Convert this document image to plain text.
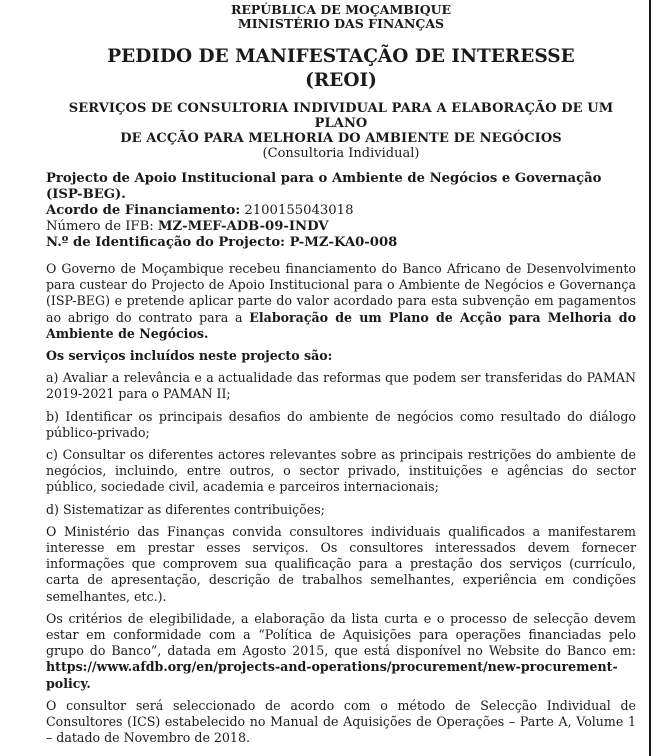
REPÚBLICA DE MOÇAMBIQUE
MINISTÉRIO DAS FINANÇAS
PEDIDO DE MANIFESTAÇÃO DE INTERESSE
(REOI)
SERVIÇOS DE CONSULTORIA INDIVIDUAL PARA A ELABORAÇÃO DE UM PLANO
DE ACÇÃO PARA MELHORIA DO AMBIENTE DE NEGÓCIOS
(Consultoria Individual)
Projecto de Apoio Institucional para o Ambiente de Negócios e Governação (ISP-BEG).
Acordo de Financiamento: 2100155043018
Número de IFB: MZ-MEF-ADB-09-INDV
N.º de Identificação do Projecto: P-MZ-KA0-008

O Governo de Moçambique recebeu financiamento do Banco Africano de Desenvolvimento para custear do Projecto de Apoio Institucional para o Ambiente de Negócios e Governança (ISP-BEG) e pretende aplicar parte do valor acordado para esta subvenção em pagamentos ao abrigo do contrato para a Elaboração de um Plano de Acção para Melhoria do Ambiente de Negócios.

Os serviços incluídos neste projecto são:

a) Avaliar a relevância e a actualidade das reformas que podem ser transferidas do PAMAN 2019-2021 para o PAMAN II;

b) Identificar os principais desafios do ambiente de negócios como resultado do diálogo público-privado;

c) Consultar os diferentes actores relevantes sobre as principais restrições do ambiente de negócios, incluindo, entre outros, o sector privado, instituições e agências do sector público, sociedade civil, academia e parceiros internacionais;

d) Sistematizar as diferentes contribuições;

O Ministério das Finanças convida consultores individuais qualificados a manifestarem interesse em prestar esses serviços. Os consultores interessados devem fornecer informações que comprovem sua qualificação para a prestação dos serviços (currículo, carta de apresentação, descrição de trabalhos semelhantes, experiência em condições semelhantes, etc.).

Os critérios de elegibilidade, a elaboração da lista curta e o processo de selecção devem estar em conformidade com a “Política de Aquisições para operações financiadas pelo grupo do Banco”, datada em Agosto 2015, que está disponível no Website do Banco em: https://www.afdb.org/en/projects-and-operations/procurement/new-procurement-policy.

O consultor será seleccionado de acordo com o método de Selecção Individual de Consultores (ICS) estabelecido no Manual de Aquisições de Operações – Parte A, Volume 1 – datado de Novembro de 2018.
